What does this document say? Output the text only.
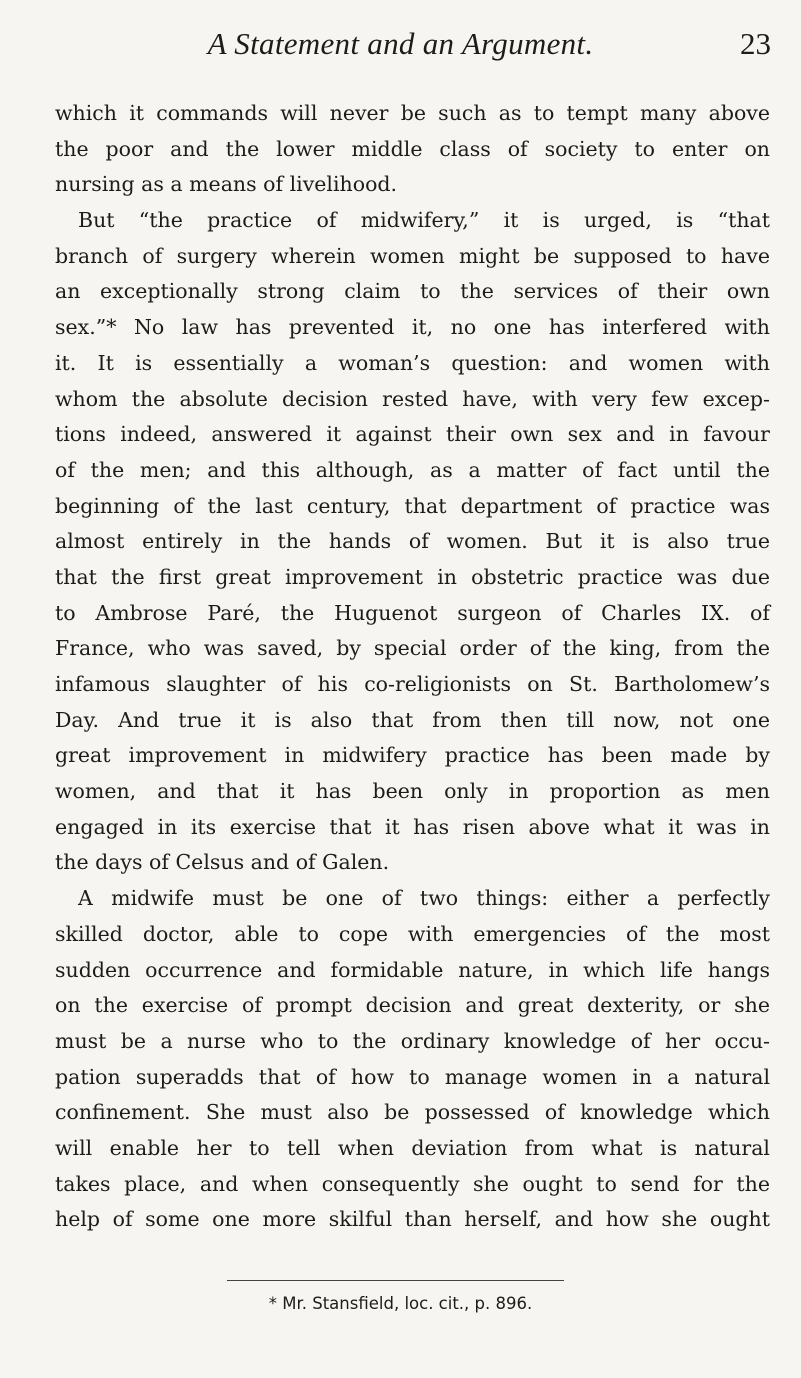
A Statement and an Argument.	23
which it commands will never be such as to tempt many above
the poor and the lower middle class of society to enter on
nursing as a means of livelihood.
But “the practice of midwifery,” it is urged, is “that
branch of surgery wherein women might be supposed to have
an exceptionally strong claim to the services of their own
sex.”* No law has prevented it, no one has interfered with
it. It is essentially a woman’s question: and women with
whom the absolute decision rested have, with very few excep-
tions indeed, answered it against their own sex and in favour
of the men; and this although, as a matter of fact until the
beginning of the last century, that department of practice was
almost entirely in the hands of women. But it is also true
that the first great improvement in obstetric practice was due
to Ambrose Paré, the Huguenot surgeon of Charles IX. of
France, who was saved, by special order of the king, from the
infamous slaughter of his co-religionists on St. Bartholomew’s
Day. And true it is also that from then till now, not one
great improvement in midwifery practice has been made by
women, and that it has been only in proportion as men
engaged in its exercise that it has risen above what it was in
the days of Celsus and of Galen.
A midwife must be one of two things: either a perfectly
skilled doctor, able to cope with emergencies of the most
sudden occurrence and formidable nature, in which life hangs
on the exercise of prompt decision and great dexterity, or she
must be a nurse who to the ordinary knowledge of her occu-
pation superadds that of how to manage women in a natural
confinement. She must also be possessed of knowledge which
will enable her to tell when deviation from what is natural
takes place, and when consequently she ought to send for the
help of some one more skilful than herself, and how she ought
* Mr. Stansfield, loc. cit., p. 896.
